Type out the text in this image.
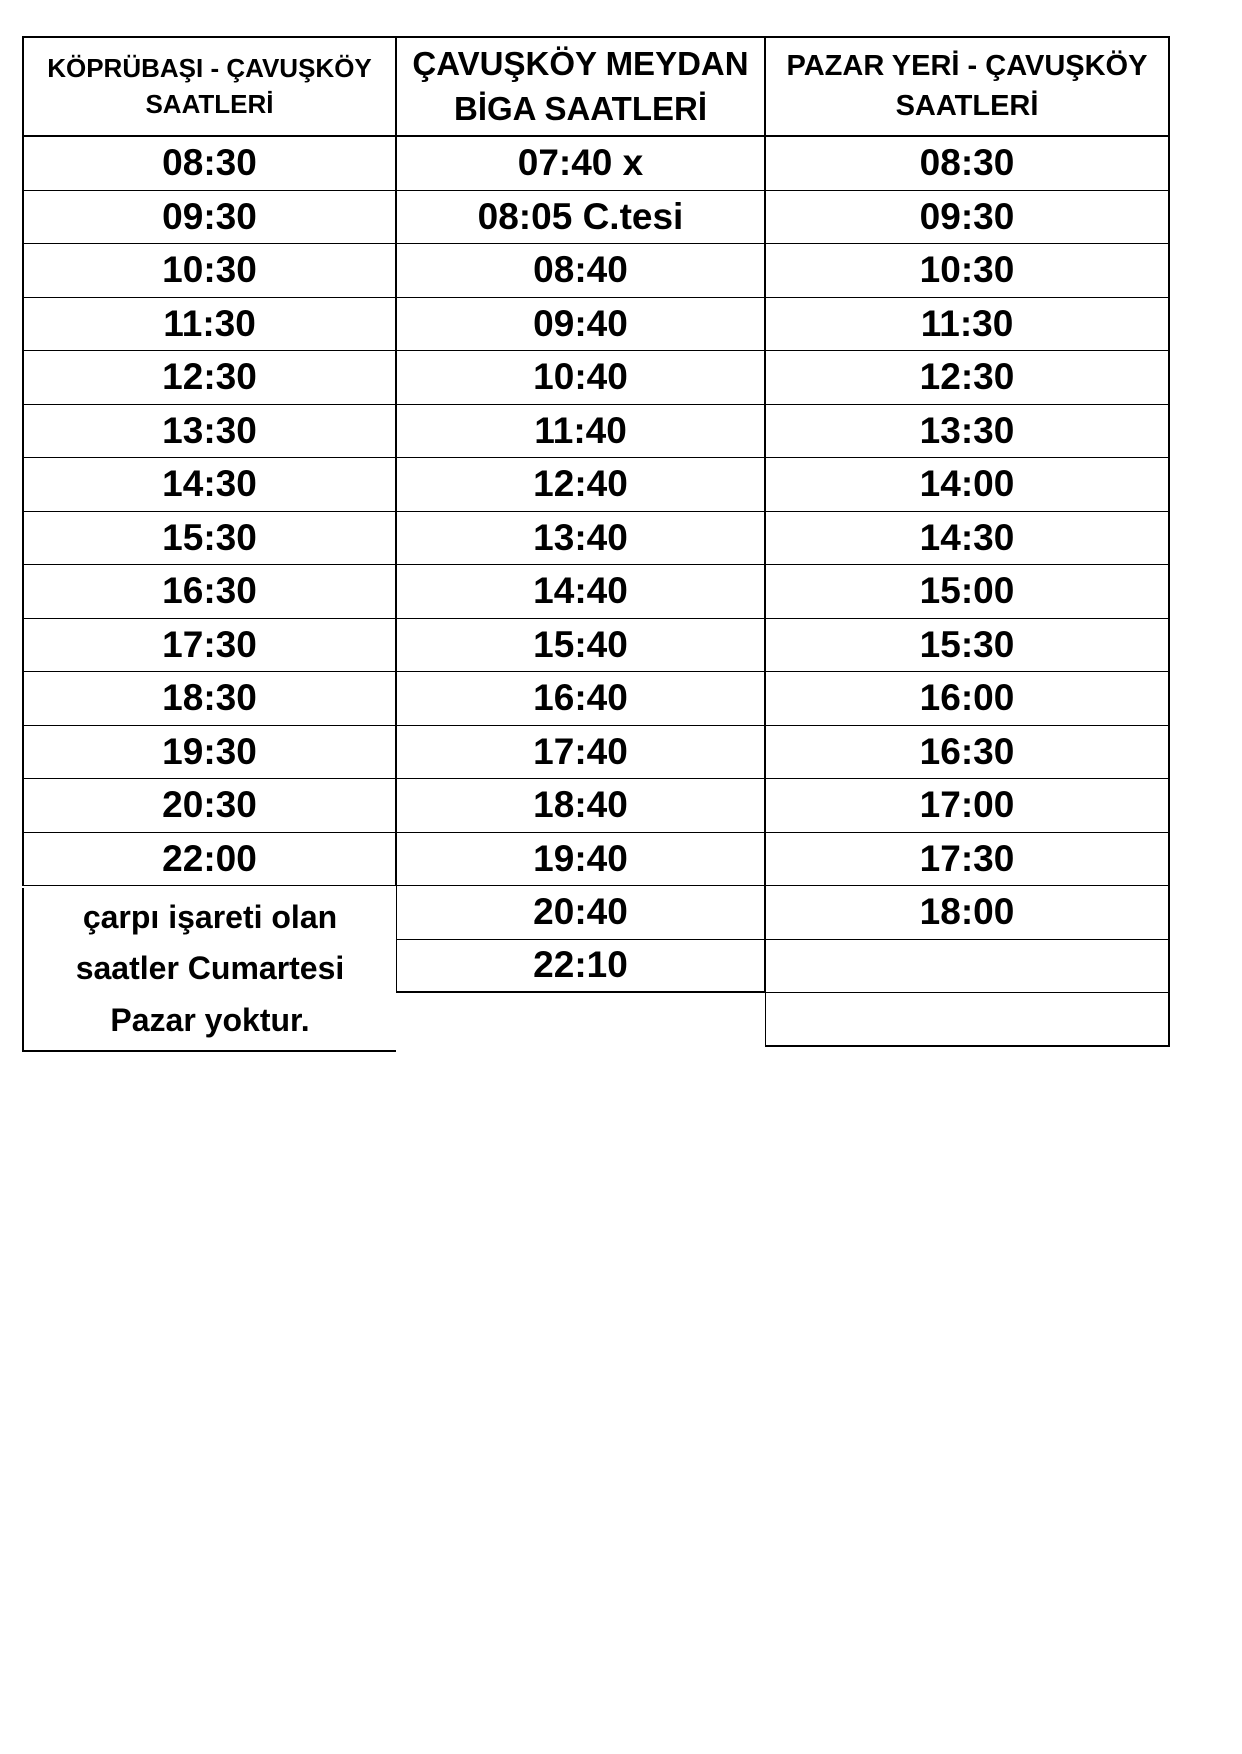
KÖPRÜBAŞI - ÇAVUŞKÖY
SAATLERİ
08:30
09:30
10:30
11:30
12:30
13:30
14:30
15:30
16:30
17:30
18:30
19:30
20:30
22:00
çarpı işareti olan
saatler Cumartesi
Pazar yoktur.
ÇAVUŞKÖY MEYDAN
BİGA SAATLERİ
07:40 x
08:05 C.tesi
08:40
09:40
10:40
11:40
12:40
13:40
14:40
15:40
16:40
17:40
18:40
19:40
20:40
22:10
PAZAR YERİ - ÇAVUŞKÖY
SAATLERİ
08:30
09:30
10:30
11:30
12:30
13:30
14:00
14:30
15:00
15:30
16:00
16:30
17:00
17:30
18:00
